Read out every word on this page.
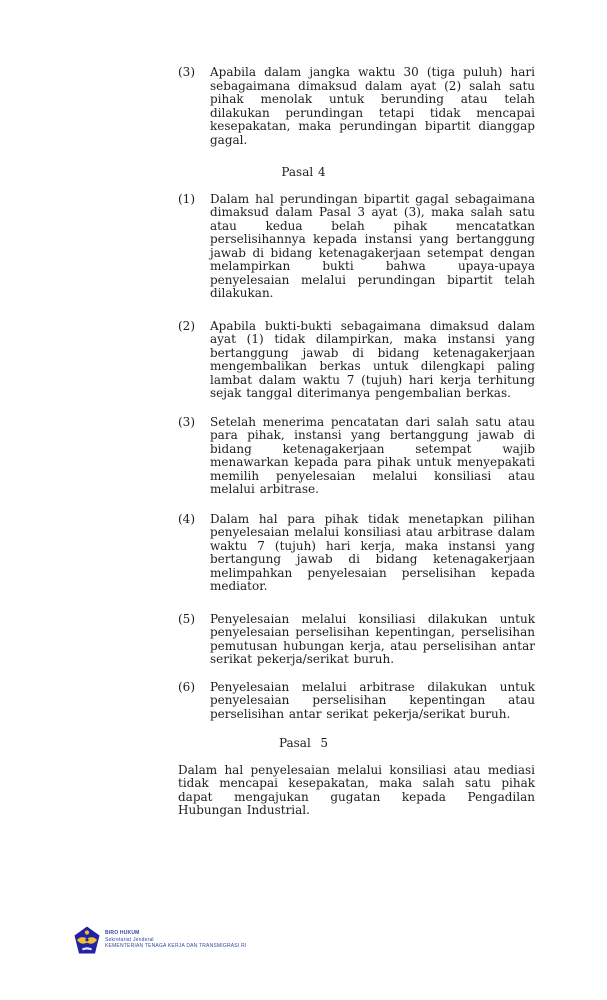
(3)	Apabila dalam jangka waktu 30 (tiga puluh) hari sebagaimana dimaksud dalam ayat (2) salah satu pihak menolak untuk berunding atau telah dilakukan perundingan tetapi tidak mencapai kesepakatan, maka perundingan bipartit dianggap gagal.
Pasal 4
(1)	Dalam hal perundingan bipartit gagal sebagaimana dimaksud dalam Pasal 3 ayat (3), maka salah satu atau kedua belah pihak mencatatkan perselisihannya kepada instansi yang bertanggung jawab di bidang ketenagakerjaan setempat dengan melampirkan bukti bahwa upaya-upaya penyelesaian melalui perundingan bipartit telah dilakukan.
(2)	Apabila bukti-bukti sebagaimana dimaksud dalam ayat (1) tidak dilampirkan, maka instansi yang bertanggung jawab di bidang ketenagakerjaan mengembalikan berkas untuk dilengkapi paling lambat dalam waktu 7 (tujuh) hari kerja terhitung sejak tanggal diterimanya pengembalian berkas.
(3)	Setelah menerima pencatatan dari salah satu atau para pihak, instansi yang bertanggung jawab di bidang ketenagakerjaan setempat wajib menawarkan kepada para pihak untuk menyepakati memilih penyelesaian melalui konsiliasi atau melalui arbitrase.
(4)	Dalam hal para pihak tidak menetapkan pilihan penyelesaian melalui konsiliasi atau arbitrase dalam waktu 7 (tujuh) hari kerja, maka instansi yang bertangung jawab di bidang ketenagakerjaan melimpahkan penyelesaian perselisihan kepada mediator.
(5)	Penyelesaian melalui konsiliasi dilakukan untuk penyelesaian perselisihan kepentingan, perselisihan pemutusan hubungan kerja, atau perselisihan antar serikat pekerja/serikat buruh.
(6)	Penyelesaian melalui arbitrase dilakukan untuk penyelesaian perselisihan kepentingan atau perselisihan antar serikat pekerja/serikat buruh.
Pasal  5
Dalam hal penyelesaian melalui konsiliasi atau mediasi tidak mencapai kesepakatan, maka salah satu pihak dapat mengajukan gugatan kepada Pengadilan Hubungan Industrial.
BIRO HUKUM
Sekretariat Jenderal
KEMENTERIAN TENAGA KERJA DAN TRANSMIGRASI RI
